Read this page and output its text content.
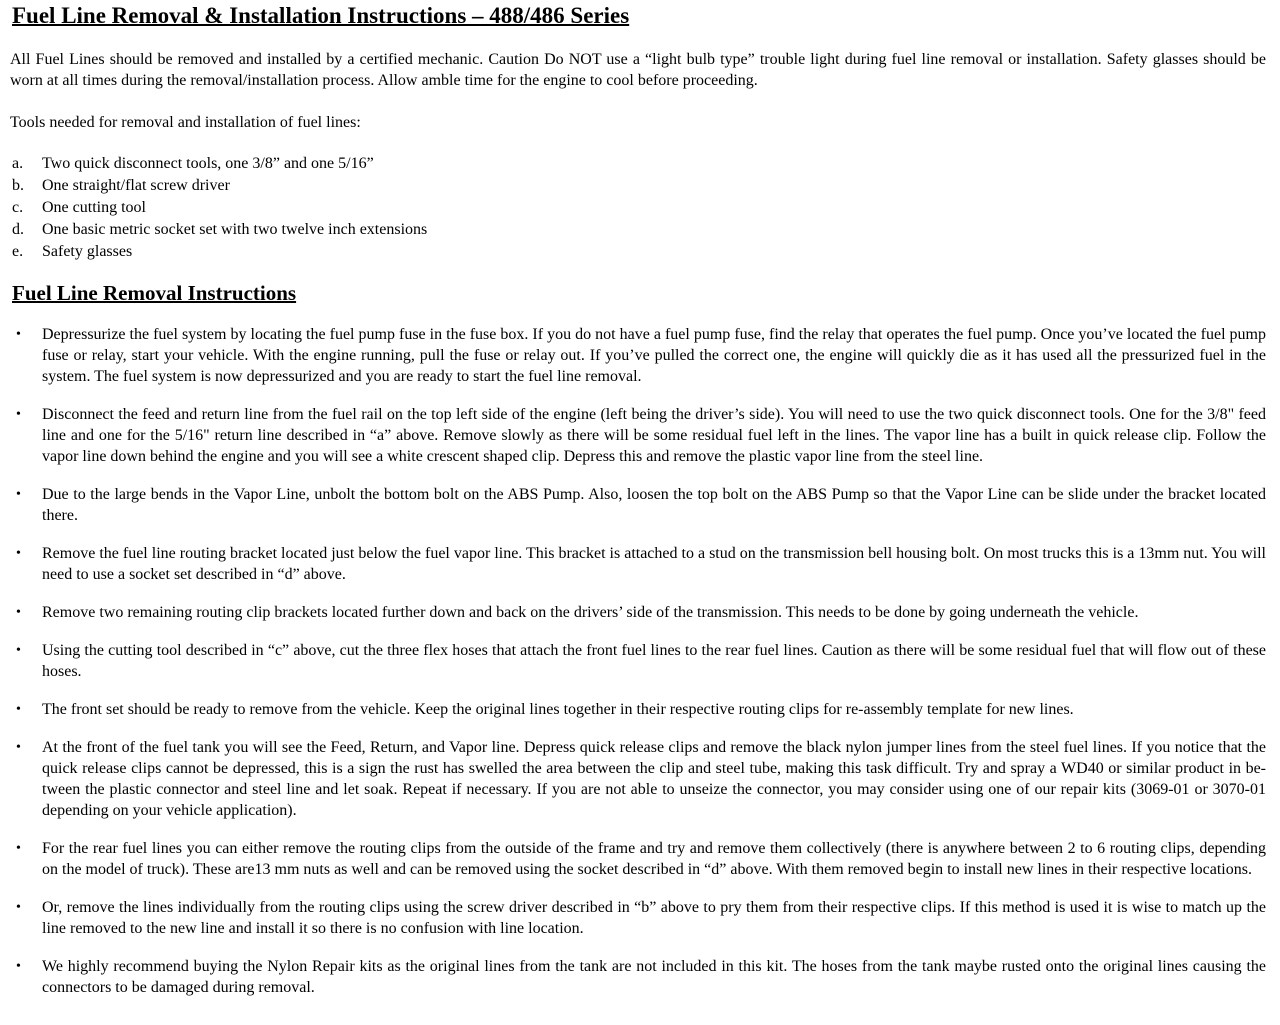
Fuel Line Removal & Installation Instructions – 488/486 Series

All Fuel Lines should be removed and installed by a certified mechanic. Caution Do NOT use a “light bulb type” trouble light during fuel line removal or installation. Safety glasses should be worn at all times during the removal/installation process. Allow amble time for the engine to cool before proceeding.

Tools needed for removal and installation of fuel lines:

a.	Two quick disconnect tools, one 3/8” and one 5/16”

b.	One straight/flat screw driver

c.	One cutting tool

d.	One basic metric socket set with two twelve inch extensions

e.	Safety glasses

Fuel Line Removal Instructions
•	Depressurize the fuel system by locating the fuel pump fuse in the fuse box. If you do not have a fuel pump fuse, find the relay that operates the fuel pump. Once you’ve located the fuel pump fuse or relay, start your vehicle. With the engine running, pull the fuse or relay out. If you’ve pulled the correct one, the engine will quickly die as it has used all the pressurized fuel in the system. The fuel system is now depressurized and you are ready to start the fuel line removal.

•	Disconnect the feed and return line from the fuel rail on the top left side of the engine (left being the driver’s side). You will need to use the two quick disconnect tools. One for the 3/8" feed line and one for the 5/16" return line described in “a” above. Remove slowly as there will be some residual fuel left in the lines. The vapor line has a built in quick release clip. Follow the vapor line down behind the engine and you will see a white crescent shaped clip. Depress this and remove the plastic vapor line from the steel line.

•	Due to the large bends in the Vapor Line, unbolt the bottom bolt on the ABS Pump. Also, loosen the top bolt on the ABS Pump so that the Vapor Line can be slide under the bracket located there.

•	Remove the fuel line routing bracket located just below the fuel vapor line. This bracket is attached to a stud on the transmission bell housing bolt. On most trucks this is a 13mm nut. You will need to use a socket set described in “d” above.

•	Remove two remaining routing clip brackets located further down and back on the drivers’ side of the transmission. This needs to be done by going underneath the vehicle.

•	Using the cutting tool described in “c” above, cut the three flex hoses that attach the front fuel lines to the rear fuel lines. Caution as there will be some residual fuel that will flow out of these hoses.

•	The front set should be ready to remove from the vehicle. Keep the original lines together in their respective routing clips for re-assembly template for new lines.

•	At the front of the fuel tank you will see the Feed, Return, and Vapor line. Depress quick release clips and remove the black nylon jumper lines from the steel fuel lines. If you notice that the quick release clips cannot be depressed, this is a sign the rust has swelled the area between the clip and steel tube, making this task difficult. Try and spray a WD40 or similar product in be-tween the plastic connector and steel line and let soak. Repeat if necessary. If you are not able to unseize the connector, you may consider using one of our repair kits (3069-01 or 3070-01 depending on your vehicle application).

•	For the rear fuel lines you can either remove the routing clips from the outside of the frame and try and remove them collectively (there is anywhere between 2 to 6 routing clips, depending on the model of truck). These are13 mm nuts as well and can be removed using the socket described in “d” above. With them removed begin to install new lines in their respective locations.

•	Or, remove the lines individually from the routing clips using the screw driver described in “b” above to pry them from their respective clips. If this method is used it is wise to match up the line removed to the new line and install it so there is no confusion with line location.

•	We highly recommend buying the Nylon Repair kits as the original lines from the tank are not included in this kit. The hoses from the tank maybe rusted onto the original lines causing the connectors to be damaged during removal.
